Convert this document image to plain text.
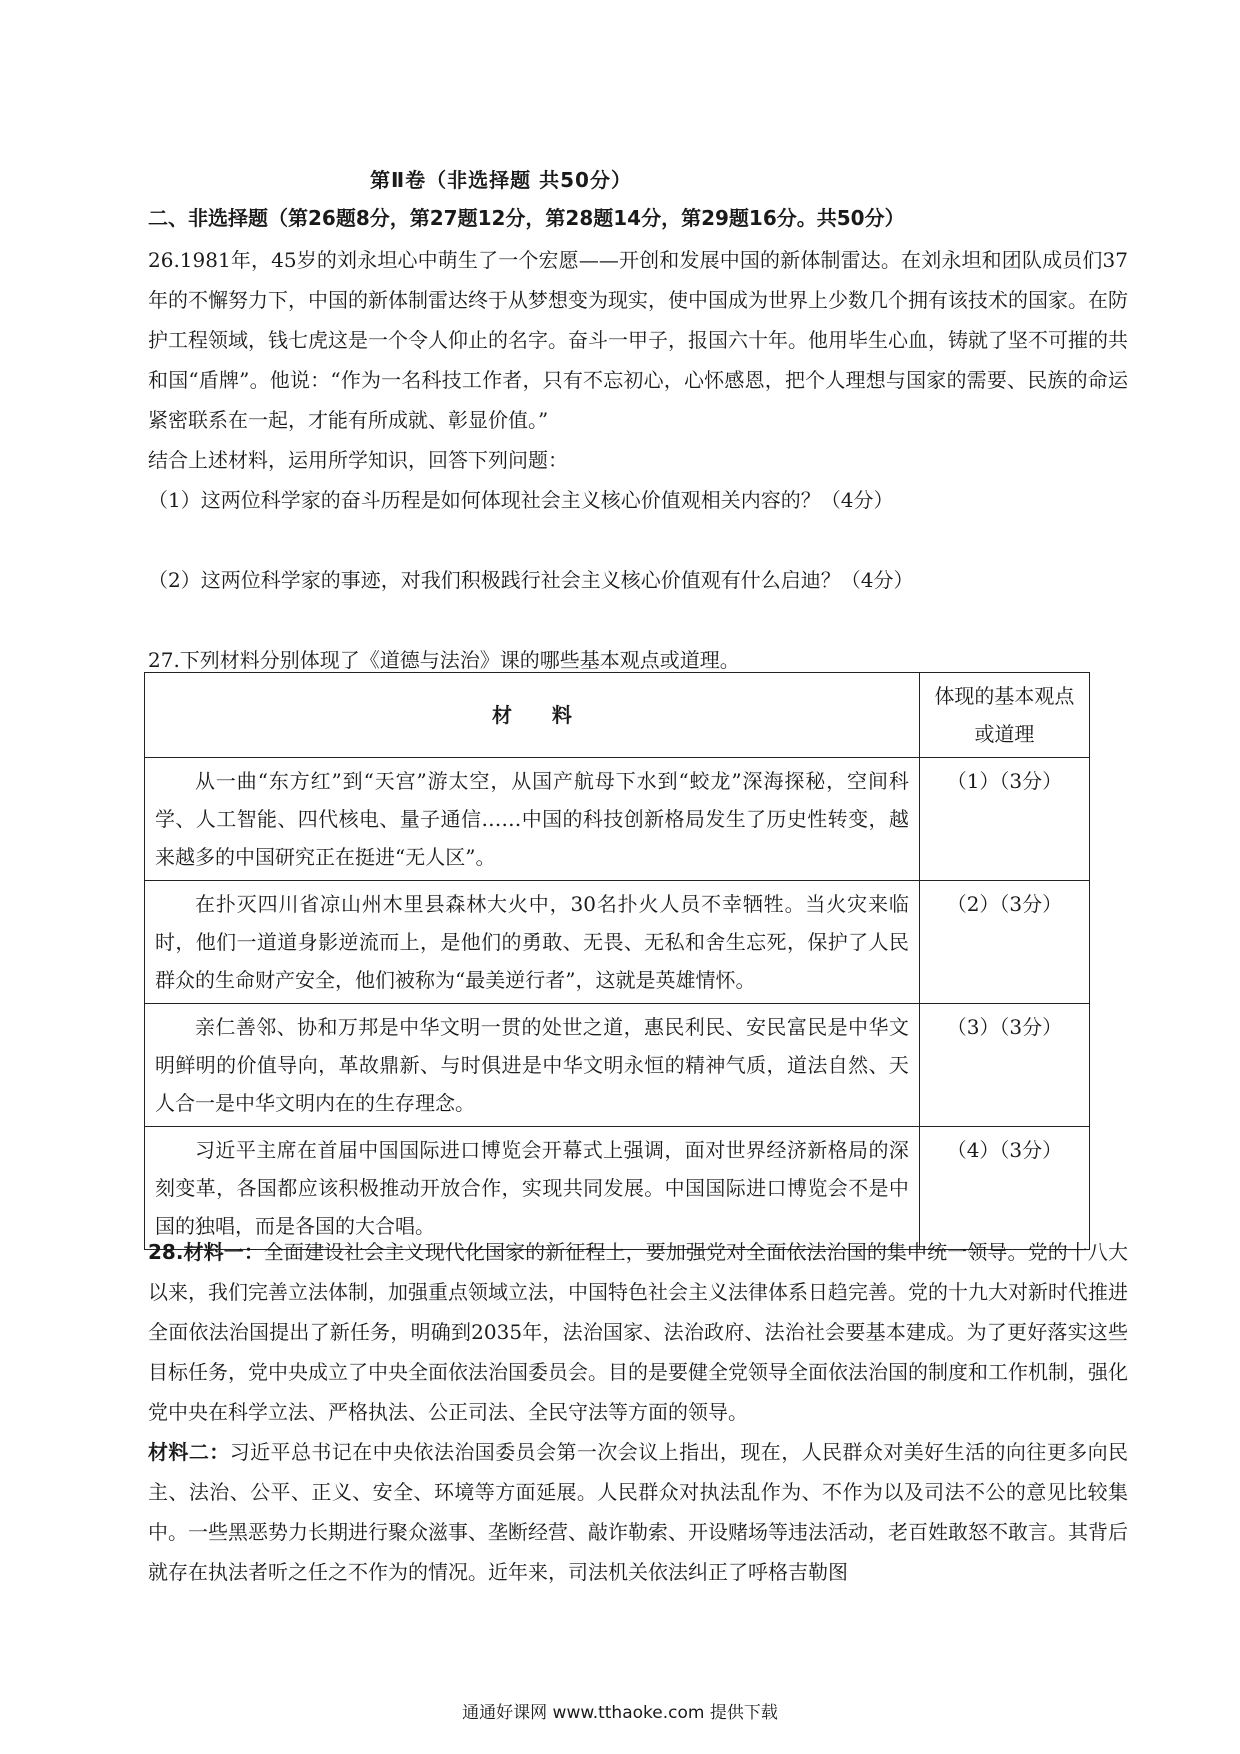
第Ⅱ卷（非选择题 共50分）
二、非选择题（第26题8分，第27题12分，第28题14分，第29题16分。共50分）

26.1981年，45岁的刘永坦心中萌生了一个宏愿——开创和发展中国的新体制雷达。在刘永坦和团队成员们37年的不懈努力下，中国的新体制雷达终于从梦想变为现实，使中国成为世界上少数几个拥有该技术的国家。在防护工程领域，钱七虎这是一个令人仰止的名字。奋斗一甲子，报国六十年。他用毕生心血，铸就了坚不可摧的共和国“盾牌”。他说：“作为一名科技工作者，只有不忘初心，心怀感恩，把个人理想与国家的需要、民族的命运紧密联系在一起，才能有所成就、彰显价值。”

结合上述材料，运用所学知识，回答下列问题：

（1）这两位科学家的奋斗历程是如何体现社会主义核心价值观相关内容的？（4分）
（2）这两位科学家的事迹，对我们积极践行社会主义核心价值观有什么启迪？（4分）
27.下列材料分别体现了《道德与法治》课的哪些基本观点或道理。
材　　料	体现的基本观点或道理
从一曲“东方红”到“天宫”游太空，从国产航母下水到“蛟龙”深海探秘，空间科学、人工智能、四代核电、量子通信……中国的科技创新格局发生了历史性转变，越来越多的中国研究正在挺进“无人区”。	（1）（3分）
在扑灭四川省凉山州木里县森林大火中，30名扑火人员不幸牺牲。当火灾来临时，他们一道道身影逆流而上，是他们的勇敢、无畏、无私和舍生忘死，保护了人民群众的生命财产安全，他们被称为“最美逆行者”，这就是英雄情怀。	（2）（3分）
亲仁善邻、协和万邦是中华文明一贯的处世之道，惠民利民、安民富民是中华文明鲜明的价值导向，革故鼎新、与时俱进是中华文明永恒的精神气质，道法自然、天人合一是中华文明内在的生存理念。	（3）（3分）
习近平主席在首届中国国际进口博览会开幕式上强调，面对世界经济新格局的深刻变革，各国都应该积极推动开放合作，实现共同发展。中国国际进口博览会不是中国的独唱，而是各国的大合唱。	（4）（3分）

28.材料一：全面建设社会主义现代化国家的新征程上，要加强党对全面依法治国的集中统一领导。党的十八大以来，我们完善立法体制，加强重点领域立法，中国特色社会主义法律体系日趋完善。党的十九大对新时代推进全面依法治国提出了新任务，明确到2035年，法治国家、法治政府、法治社会要基本建成。为了更好落实这些目标任务，党中央成立了中央全面依法治国委员会。目的是要健全党领导全面依法治国的制度和工作机制，强化党中央在科学立法、严格执法、公正司法、全民守法等方面的领导。

材料二：习近平总书记在中央依法治国委员会第一次会议上指出，现在，人民群众对美好生活的向往更多向民主、法治、公平、正义、安全、环境等方面延展。人民群众对执法乱作为、不作为以及司法不公的意见比较集中。一些黑恶势力长期进行聚众滋事、垄断经营、敲诈勒索、开设赌场等违法活动，老百姓敢怒不敢言。其背后就存在执法者听之任之不作为的情况。近年来，司法机关依法纠正了呼格吉勒图

通通好课网 www.tthaoke.com 提供下载
